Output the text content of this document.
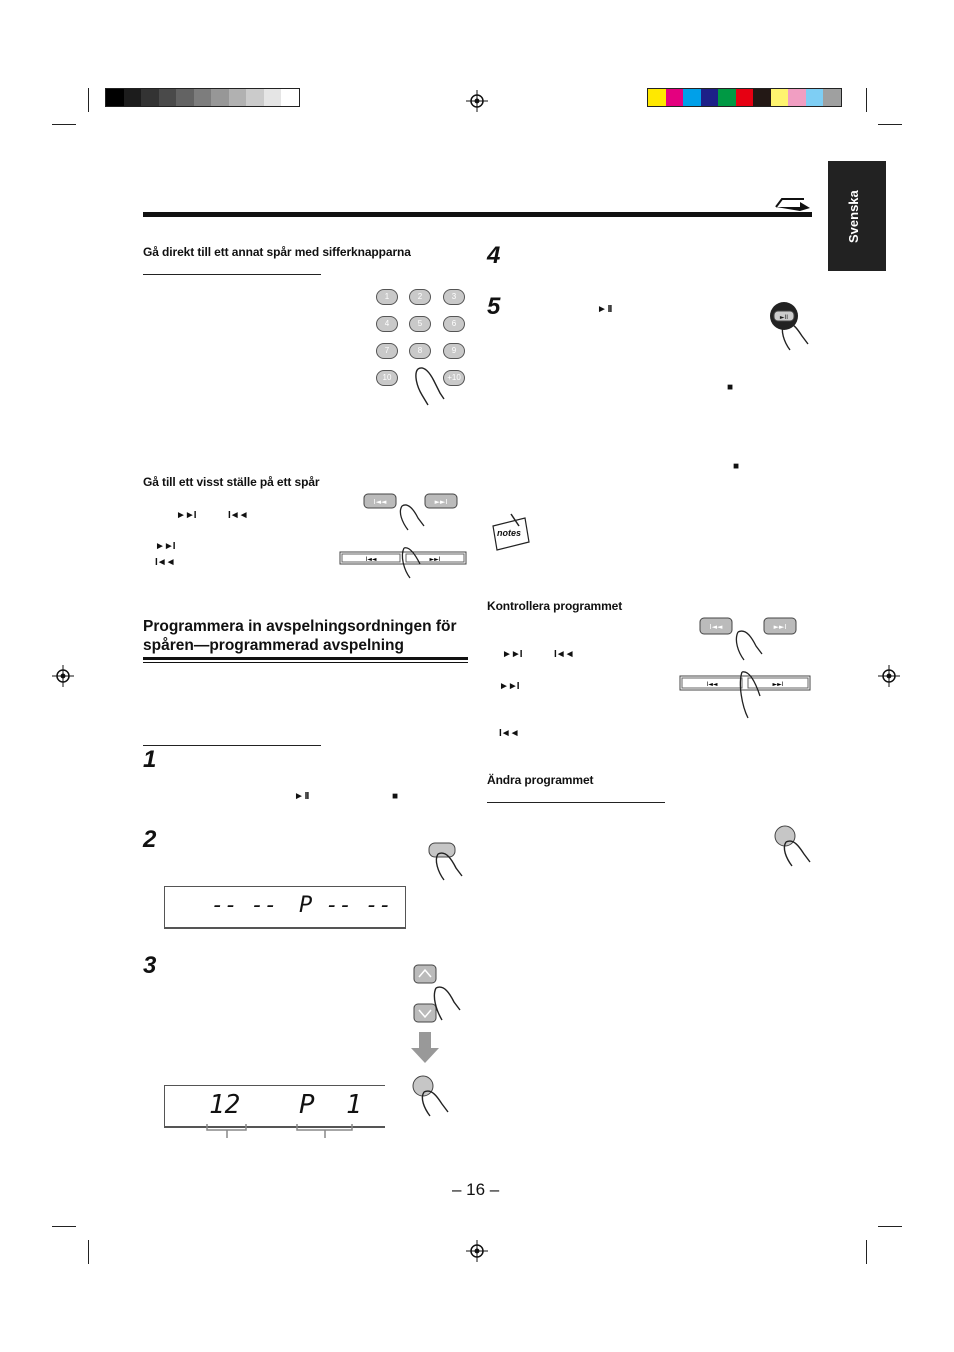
Svenska
Gå direkt till ett annat spår med sifferknapparna
1	2	3
4	5	6
7	8	9
10	+10
Gå till ett visst ställe på ett spår
►►I	I◄◄
►►I
I◄◄
I◄◄	►►I
I◄◄	►►I
Programmera in avspelningsordningen för spåren—programmerad avspelning
1
► II	■
2
-- -- P -- --
3
12 P  1
4
5	► II
►II
■
■
notes
Kontrollera programmet
►►I	I◄◄
►►I
I◄◄
I◄◄	►►I
I◄◄	►►I
Ändra programmet
– 16 –
